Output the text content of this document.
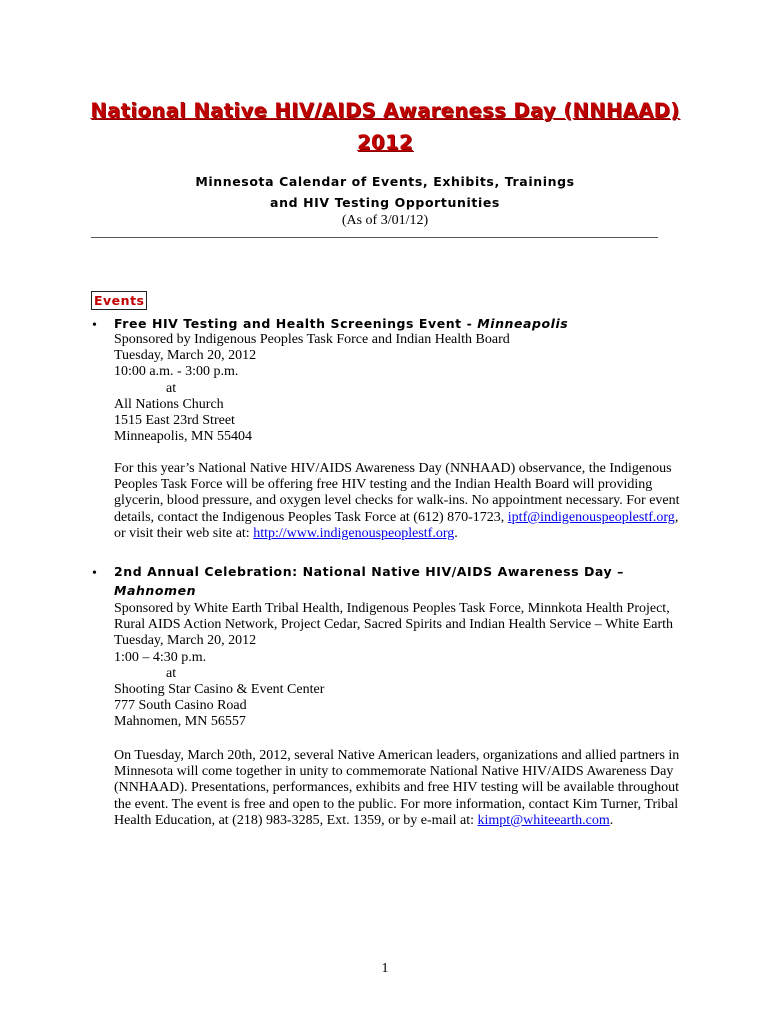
National Native HIV/AIDS Awareness Day (NNHAAD)
2012
Minnesota Calendar of Events, Exhibits, Trainings
and HIV Testing Opportunities
(As of 3/01/12)
Events
• Free HIV Testing and Health Screenings Event - Minneapolis
Sponsored by Indigenous Peoples Task Force and Indian Health Board
Tuesday, March 20, 2012
10:00 a.m. - 3:00 p.m.
at
All Nations Church
1515 East 23rd Street
Minneapolis, MN 55404
For this year’s National Native HIV/AIDS Awareness Day (NNHAAD) observance, the Indigenous
Peoples Task Force will be offering free HIV testing and the Indian Health Board will providing
glycerin, blood pressure, and oxygen level checks for walk-ins. No appointment necessary. For event
details, contact the Indigenous Peoples Task Force at (612) 870-1723, iptf@indigenouspeoplestf.org,
or visit their web site at: http://www.indigenouspeoplestf.org.
• 2nd Annual Celebration: National Native HIV/AIDS Awareness Day –
Mahnomen
Sponsored by White Earth Tribal Health, Indigenous Peoples Task Force, Minnkota Health Project,
Rural AIDS Action Network, Project Cedar, Sacred Spirits and Indian Health Service – White Earth
Tuesday, March 20, 2012
1:00 – 4:30 p.m.
at
Shooting Star Casino & Event Center
777 South Casino Road
Mahnomen, MN 56557
On Tuesday, March 20th, 2012, several Native American leaders, organizations and allied partners in
Minnesota will come together in unity to commemorate National Native HIV/AIDS Awareness Day
(NNHAAD). Presentations, performances, exhibits and free HIV testing will be available throughout
the event. The event is free and open to the public. For more information, contact Kim Turner, Tribal
Health Education, at (218) 983-3285, Ext. 1359, or by e-mail at: kimpt@whiteearth.com.
1
